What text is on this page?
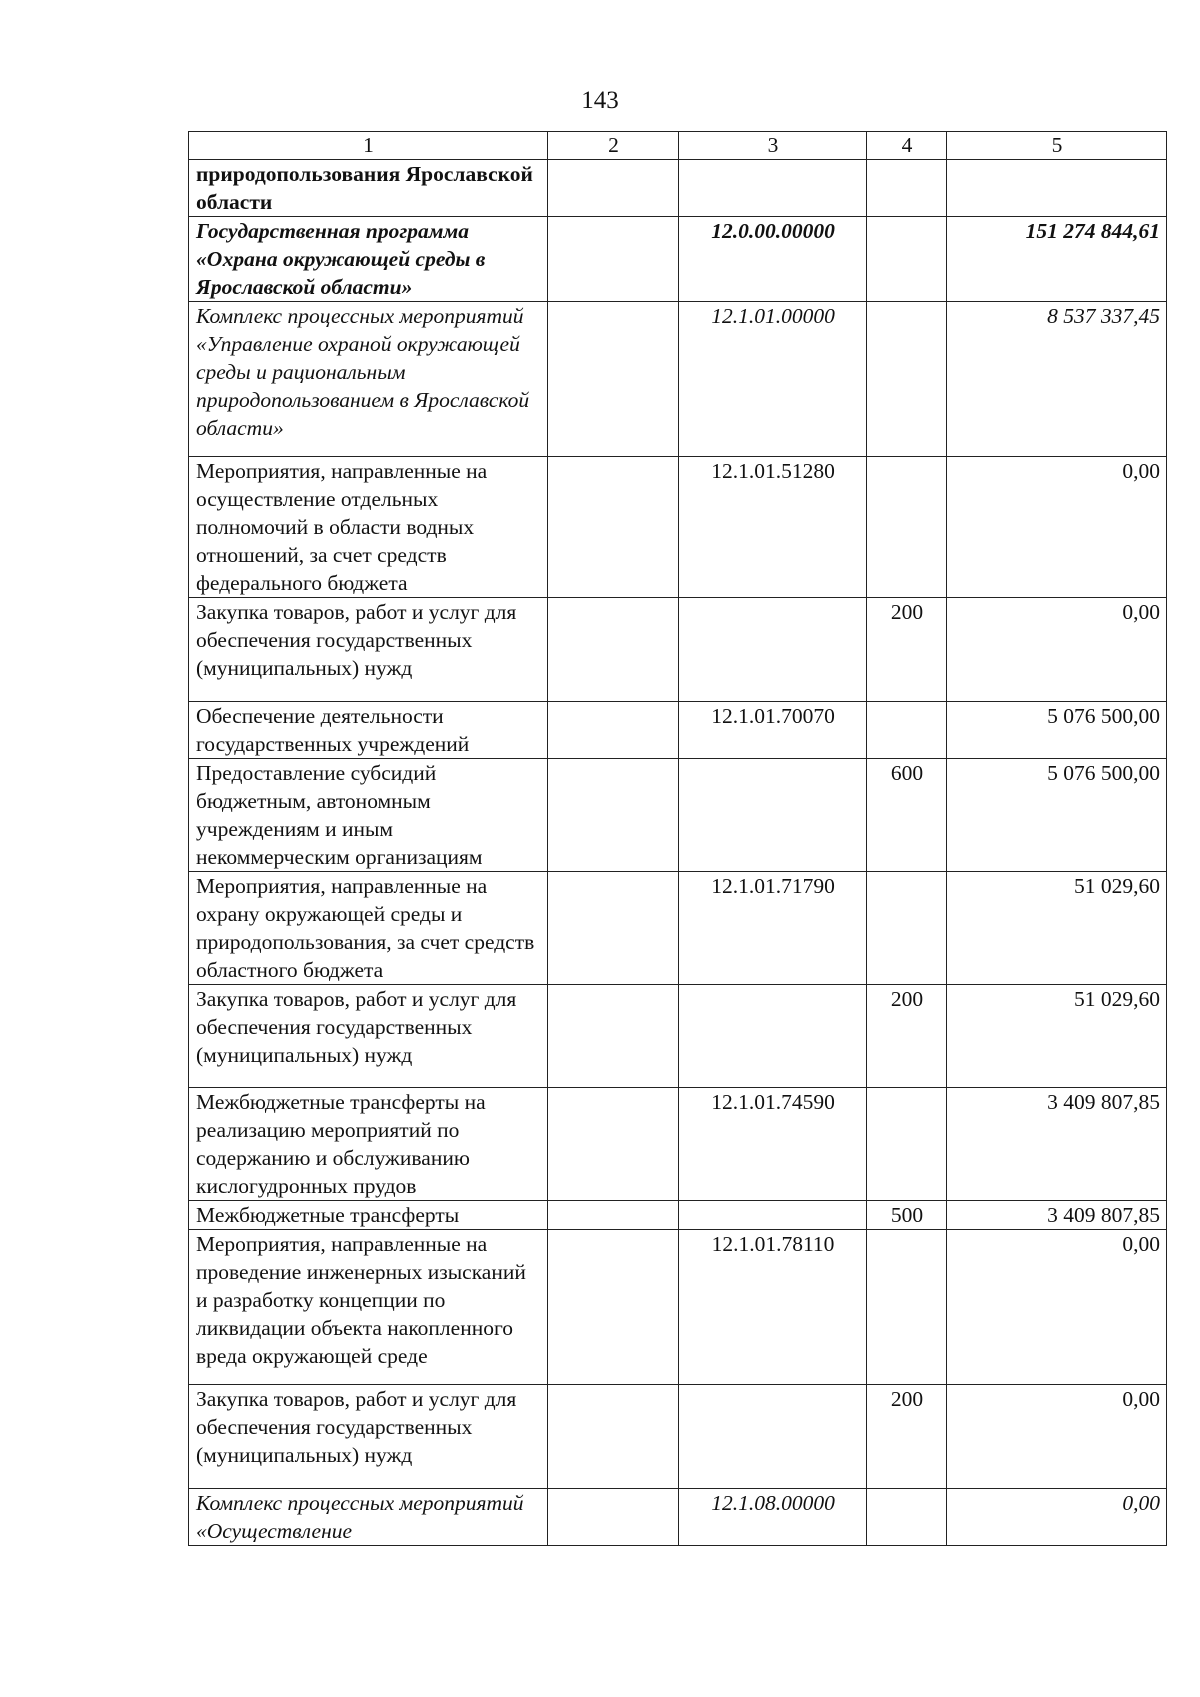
143
1	2	3	4	5
природопользования Ярославской области				
Государственная программа «Охрана окружающей среды в Ярославской области»		12.0.00.00000		151 274 844,61
Комплекс процессных мероприятий «Управление охраной окружающей среды и рациональным природопользованием в Ярославской области»		12.1.01.00000		8 537 337,45
Мероприятия, направленные на осуществление отдельных полномочий в области водных отношений, за счет средств федерального бюджета		12.1.01.51280		0,00
Закупка товаров, работ и услуг для обеспечения государственных (муниципальных) нужд			200	0,00
Обеспечение деятельности государственных учреждений		12.1.01.70070		5 076 500,00
Предоставление субсидий бюджетным, автономным учреждениям и иным некоммерческим организациям			600	5 076 500,00
Мероприятия, направленные на охрану окружающей среды и природопользования, за счет средств областного бюджета		12.1.01.71790		51 029,60
Закупка товаров, работ и услуг для обеспечения государственных (муниципальных) нужд			200	51 029,60
Межбюджетные трансферты на реализацию мероприятий по содержанию и обслуживанию кислогудронных прудов		12.1.01.74590		3 409 807,85
Межбюджетные трансферты			500	3 409 807,85
Мероприятия, направленные на проведение инженерных изысканий и разработку концепции по ликвидации объекта накопленного вреда окружающей среде		12.1.01.78110		0,00
Закупка товаров, работ и услуг для обеспечения государственных (муниципальных) нужд			200	0,00
Комплекс процессных мероприятий «Осуществление		12.1.08.00000		0,00
